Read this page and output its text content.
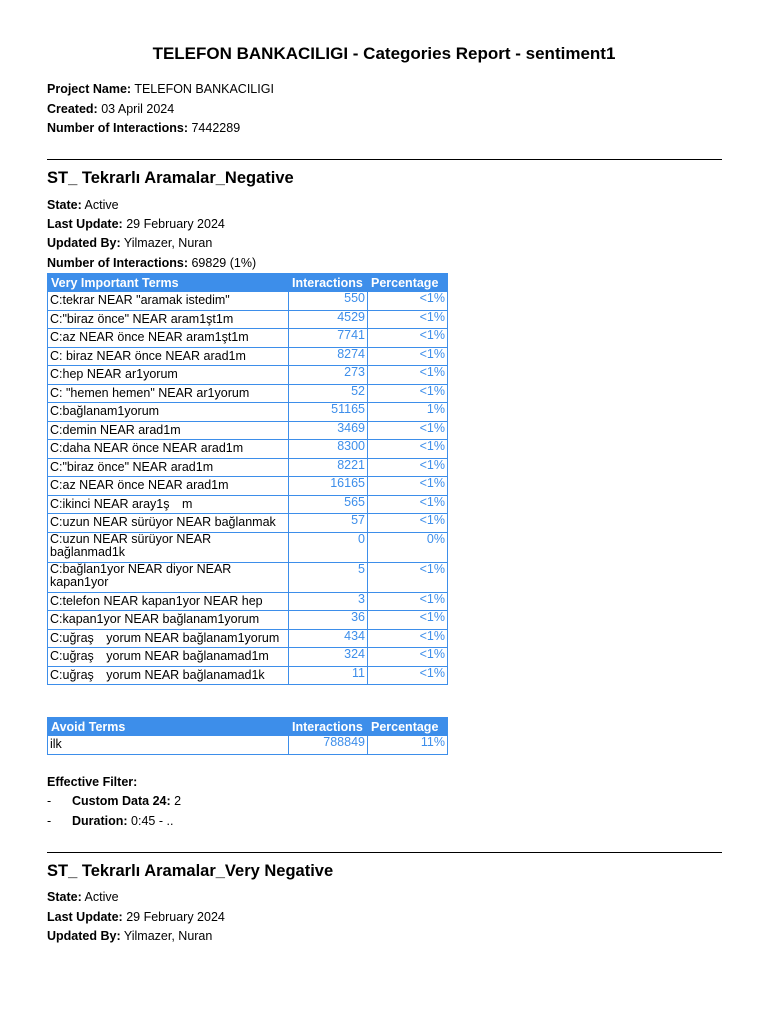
TELEFON BANKACILIGI - Categories Report - sentiment1
Project Name: TELEFON BANKACILIGI
Created: 03 April 2024
Number of Interactions: 7442289
ST_ Tekrarlı Aramalar_Negative
State: Active
Last Update: 29 February 2024
Updated By: Yilmazer, Nuran
Number of Interactions: 69829 (1%)
Very Important Terms	Interactions	Percentage
C:tekrar NEAR "aramak istedim"	550	<1%
C:"biraz önce" NEAR aram1şt1m	4529	<1%
C:az NEAR önce NEAR aram1şt1m	7741	<1%
C: biraz NEAR önce NEAR arad1m	8274	<1%
C:hep NEAR ar1yorum	273	<1%
C: "hemen hemen" NEAR ar1yorum	52	<1%
C:bağlanam1yorum	51165	1%
C:demin NEAR arad1m	3469	<1%
C:daha NEAR önce NEAR arad1m	8300	<1%
C:"biraz önce" NEAR arad1m	8221	<1%
C:az NEAR önce NEAR arad1m	16165	<1%
C:ikinci NEAR aray1ş m	565	<1%
C:uzun NEAR sürüyor NEAR bağlanmak	57	<1%
C:uzun NEAR sürüyor NEAR bağlanmad1k	0	0%
C:bağlan1yor NEAR diyor NEAR kapan1yor	5	<1%
C:telefon NEAR kapan1yor NEAR hep	3	<1%
C:kapan1yor NEAR bağlanam1yorum	36	<1%
C:uğraş yorum NEAR bağlanam1yorum	434	<1%
C:uğraş yorum NEAR bağlanamad1m	324	<1%
C:uğraş yorum NEAR bağlanamad1k	11	<1%
Avoid Terms	Interactions	Percentage
ilk	788849	11%
Effective Filter:
- Custom Data 24: 2
- Duration: 0:45 - ..
ST_ Tekrarlı Aramalar_Very Negative
State: Active
Last Update: 29 February 2024
Updated By: Yilmazer, Nuran
